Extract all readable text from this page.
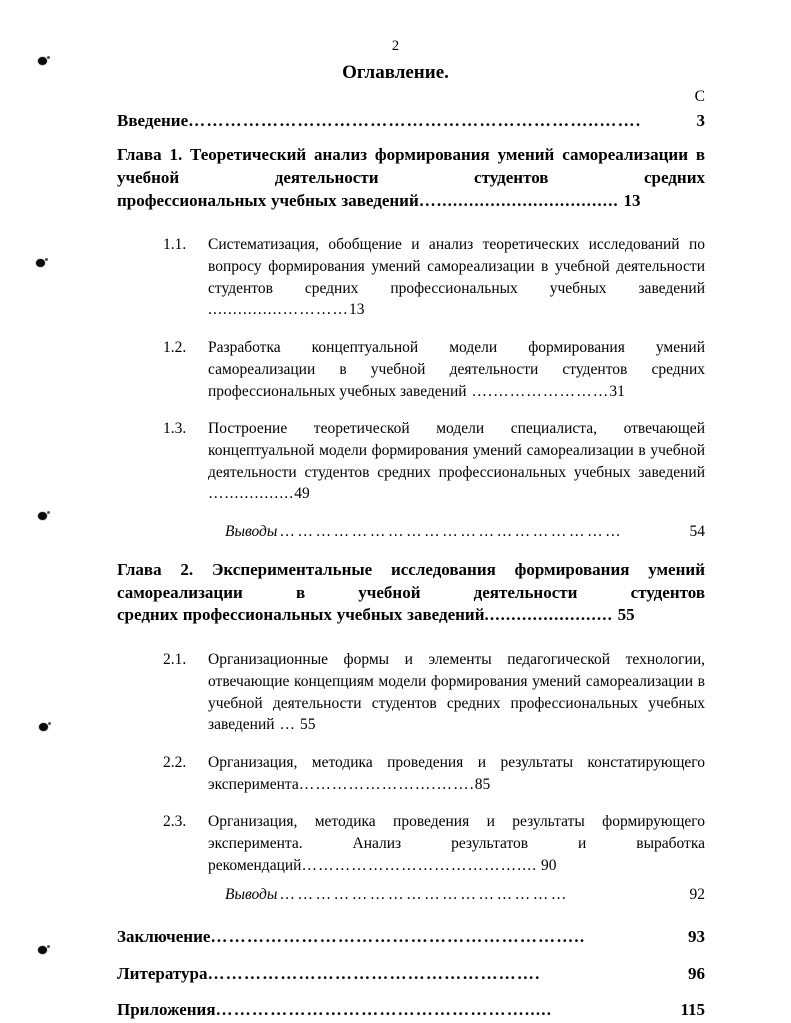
2
Оглавление.
С
Введение …………………………………………………………..…….	3
Глава 1. Теоретический анализ формирования умений самореализации в учебной деятельности студентов средних
профессиональных учебных заведений….................................. 13
1.1.	Систематизация, обобщение и анализ теоретических исследований по вопросу формирования умений самореализации в учебной деятельности студентов средних профессиональных учебных заведений ...............…………13
1.2.	Разработка концептуальной модели формирования умений самореализации в учебной деятельности студентов средних профессиональных учебных заведений ….…………………31
1.3.	Построение теоретической модели специалиста, отвечающей концептуальной модели формирования умений самореализации в учебной деятельности студентов средних профессиональных учебных заведений …..............49
Выводы …………………………………………………	54
Глава 2. Экспериментальные исследования формирования умений самореализации в учебной деятельности студентов
средних профессиональных учебных заведений........................ 55
2.1.	Организационные формы и элементы педагогической технологии, отвечающие концепциям модели формирования умений самореализации в учебной деятельности студентов средних профессиональных учебных заведений … 55
2.2.	Организация, методика проведения и результаты констатирующего эксперимента…………………….…….85
2.3.	Организация, методика проведения и результаты формирующего эксперимента. Анализ результатов и выработка рекомендаций………………………………….... 90
Выводы …………………………………………	92
Заключение ……………………………………………………..	93
Литература ……………………………………………….	96
Приложения …………………………………………….....	115
